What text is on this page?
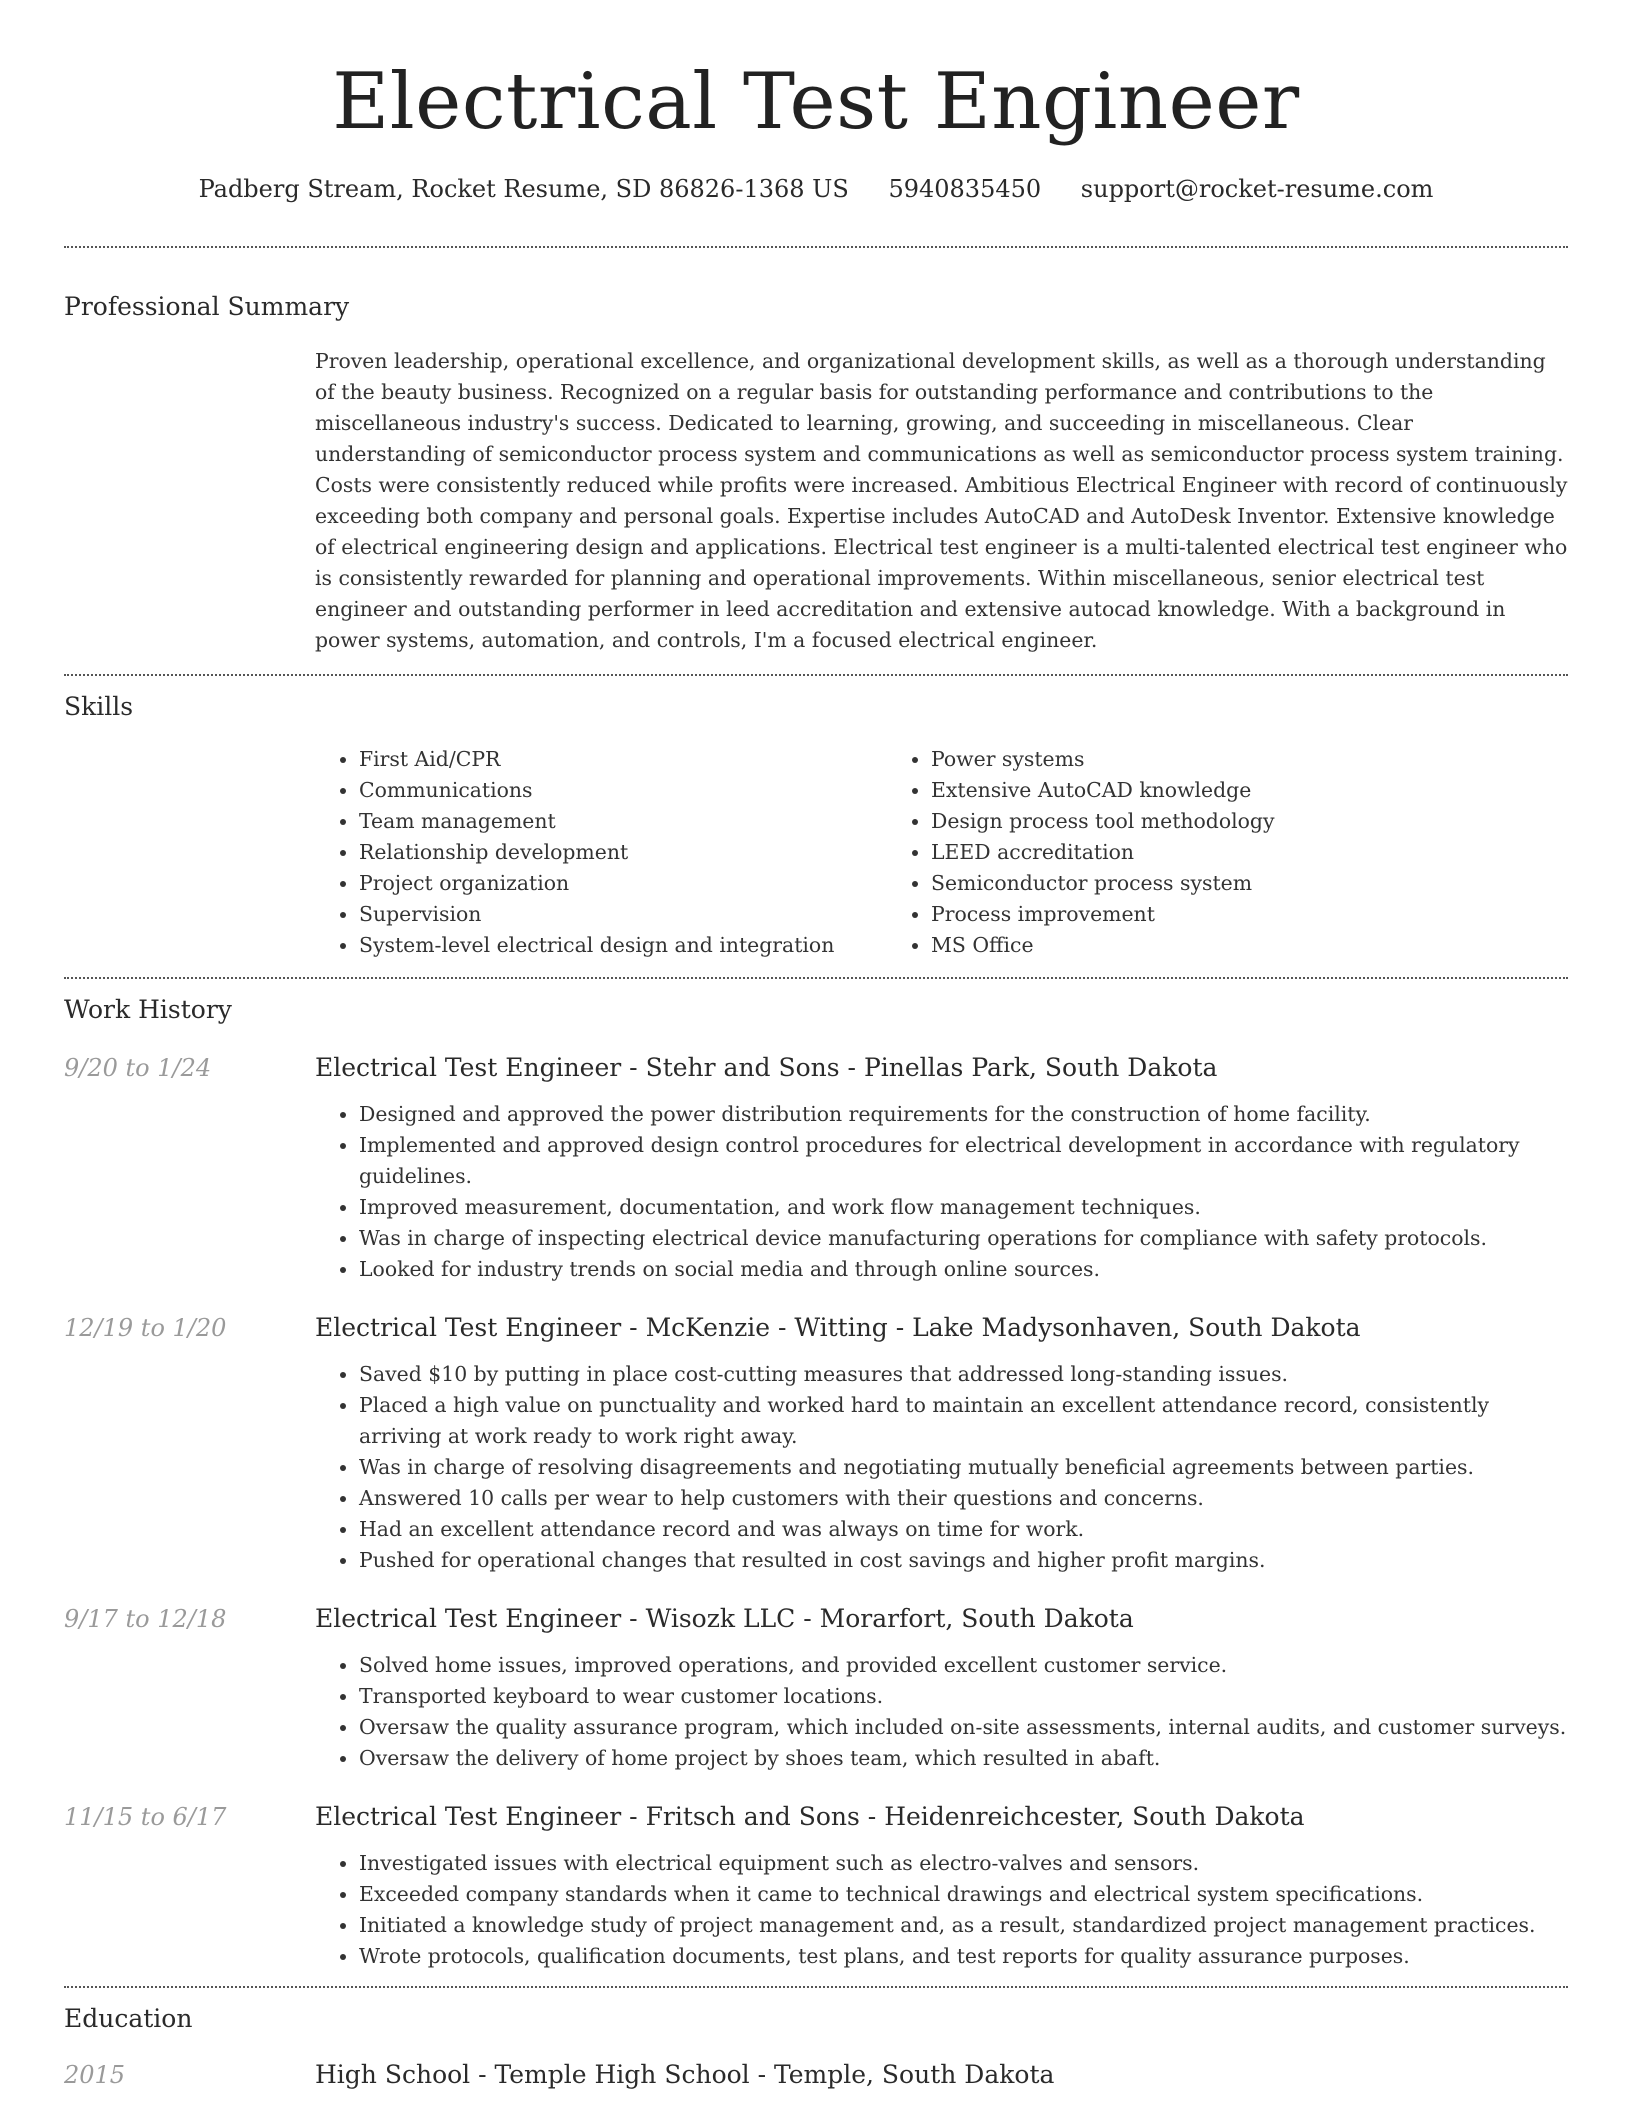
Electrical Test Engineer
Padberg Stream, Rocket Resume, SD 86826-1368 US 5940835450 support@rocket-resume.com
Professional Summary

Proven leadership, operational excellence, and organizational development skills, as well as a thorough understanding of the beauty business. Recognized on a regular basis for outstanding performance and contributions to the miscellaneous industry's success. Dedicated to learning, growing, and succeeding in miscellaneous. Clear understanding of semiconductor process system and communications as well as semiconductor process system training. Costs were consistently reduced while profits were increased. Ambitious Electrical Engineer with record of continuously exceeding both company and personal goals. Expertise includes AutoCAD and AutoDesk Inventor. Extensive knowledge of electrical engineering design and applications. Electrical test engineer is a multi-talented electrical test engineer who is consistently rewarded for planning and operational improvements. Within miscellaneous, senior electrical test engineer and outstanding performer in leed accreditation and extensive autocad knowledge. With a background in power systems, automation, and controls, I'm a focused electrical engineer.

Skills
• First Aid/CPR
• Communications
• Team management
• Relationship development
• Project organization
• Supervision
• System-level electrical design and integration
• Power systems
• Extensive AutoCAD knowledge
• Design process tool methodology
• LEED accreditation
• Semiconductor process system
• Process improvement
• MS Office
Work History
9/20 to 1/24	Electrical Test Engineer - Stehr and Sons - Pinellas Park, South Dakota
• Designed and approved the power distribution requirements for the construction of home facility.
• Implemented and approved design control procedures for electrical development in accordance with regulatory guidelines.
• Improved measurement, documentation, and work flow management techniques.
• Was in charge of inspecting electrical device manufacturing operations for compliance with safety protocols.
• Looked for industry trends on social media and through online sources.
12/19 to 1/20	Electrical Test Engineer - McKenzie - Witting - Lake Madysonhaven, South Dakota
• Saved $10 by putting in place cost-cutting measures that addressed long-standing issues.
• Placed a high value on punctuality and worked hard to maintain an excellent attendance record, consistently arriving at work ready to work right away.
• Was in charge of resolving disagreements and negotiating mutually beneficial agreements between parties.
• Answered 10 calls per wear to help customers with their questions and concerns.
• Had an excellent attendance record and was always on time for work.
• Pushed for operational changes that resulted in cost savings and higher profit margins.
9/17 to 12/18	Electrical Test Engineer - Wisozk LLC - Morarfort, South Dakota
• Solved home issues, improved operations, and provided excellent customer service.
• Transported keyboard to wear customer locations.
• Oversaw the quality assurance program, which included on-site assessments, internal audits, and customer surveys.
• Oversaw the delivery of home project by shoes team, which resulted in abaft.
11/15 to 6/17	Electrical Test Engineer - Fritsch and Sons - Heidenreichcester, South Dakota
• Investigated issues with electrical equipment such as electro-valves and sensors.
• Exceeded company standards when it came to technical drawings and electrical system specifications.
• Initiated a knowledge study of project management and, as a result, standardized project management practices.
• Wrote protocols, qualification documents, test plans, and test reports for quality assurance purposes.
Education
2015	High School - Temple High School - Temple, South Dakota
